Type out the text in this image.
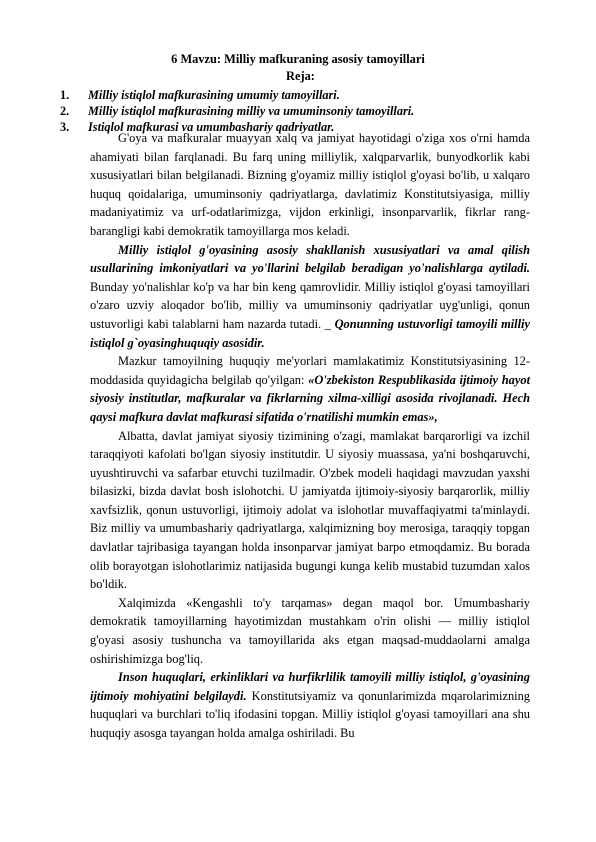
6 Mavzu: Milliy mafkuraning asosiy tamoyillari
Reja:
1. Milliy istiqlol mafkurasining umumiy tamoyillari.
2. Milliy istiqlol mafkurasining milliy va umuminsoniy tamoyillari.
3. Istiqlol mafkurasi va umumbashariy qadriyatlar.

G'oya va mafkuralar muayyan xalq va jamiyat hayotidagi o'ziga xos o'rni hamda ahamiyati bilan farqlanadi. Bu farq uning milliylik, xalqparvarlik, bunyodkorlik kabi xususiyatlari bilan belgilanadi. Bizning g'oyamiz milliy istiqlol g'oyasi bo'lib, u xalqaro huquq qoidalariga, umuminsoniy qadriyatlarga, davlatimiz Konstitutsiyasiga, milliy madaniyatimiz va urf-odatlarimizga, vijdon erkinligi, insonparvarlik, fikrlar rang-barangligi kabi demokratik tamoyillarga mos keladi.

Milliy istiqlol g'oyasining asosiy shakllanish xususiyatlari va amal qilish usullarining imkoniyatlari va yo'llarini belgilab beradigan yo'nalishlarga aytiladi. Bunday yo'nalishlar ko'p va har bin keng qamrovlidir. Milliy istiqlol g'oyasi tamoyillari o'zaro uzviy aloqador bo'lib, milliy va umuminsoniy qadriyatlar uyg'unligi, qonun ustuvorligi kabi talablarni ham nazarda tutadi. _ Qonunning ustuvorligi tamoyili milliy istiqlol g`oyasinghuquqiy asosidir.

Mazkur tamoyilning huquqiy me'yorlari mamlakatimiz Konstitutsiyasining 12-moddasida quyidagicha belgilab qo'yilgan: «O'zbekiston Respublikasida ijtimoiy hayot siyosiy institutlar, mafkuralar va fikrlarning xilma-xilligi asosida rivojlanadi. Hech qaysi mafkura davlat mafkurasi sifatida o'rnatilishi mumkin emas»,

Albatta, davlat jamiyat siyosiy tizimining o'zagi, mamlakat barqarorligi va izchil taraqqiyoti kafolati bo'lgan siyosiy institutdir. U siyosiy muassasa, ya'ni boshqaruvchi, uyushtiruvchi va safarbar etuvchi tuzilmadir. O'zbek modeli haqidagi mavzudan yaxshi bilasizki, bizda davlat bosh islohotchi. U jamiyatda ijtimoiy-siyosiy barqarorlik, milliy xavfsizlik, qonun ustuvorligi, ijtimoiy adolat va islohotlar muvaffaqiyatmi ta'minlaydi. Biz milliy va umumbashariy qadriyatlarga, xalqimizning boy merosiga, taraqqiy topgan davlatlar tajribasiga tayangan holda insonparvar jamiyat barpo etmoqdamiz. Bu borada olib borayotgan islohotlarimiz natijasida bugungi kunga kelib mustabid tuzumdan xalos bo'ldik.

Xalqimizda «Kengashli to'y tarqamas» degan maqol bor. Umumbashariy demokratik tamoyillarning hayotimizdan mustahkam o'rin olishi — milliy istiqlol g'oyasi asosiy tushuncha va tamoyillarida aks etgan maqsad-muddaolarni amalga oshirishimizga bog'liq.

Inson huquqlari, erkinliklari va hurfikrlilik tamoyili milliy istiqlol, g'oyasining ijtimoiy mohiyatini belgilaydi. Konstitutsiyamiz va qonunlarimizda mqarolarimizning huquqlari va burchlari to'liq ifodasini topgan. Milliy istiqlol g'oyasi tamoyillari ana shu huquqiy asosga tayangan holda amalga oshiriladi. Bu
